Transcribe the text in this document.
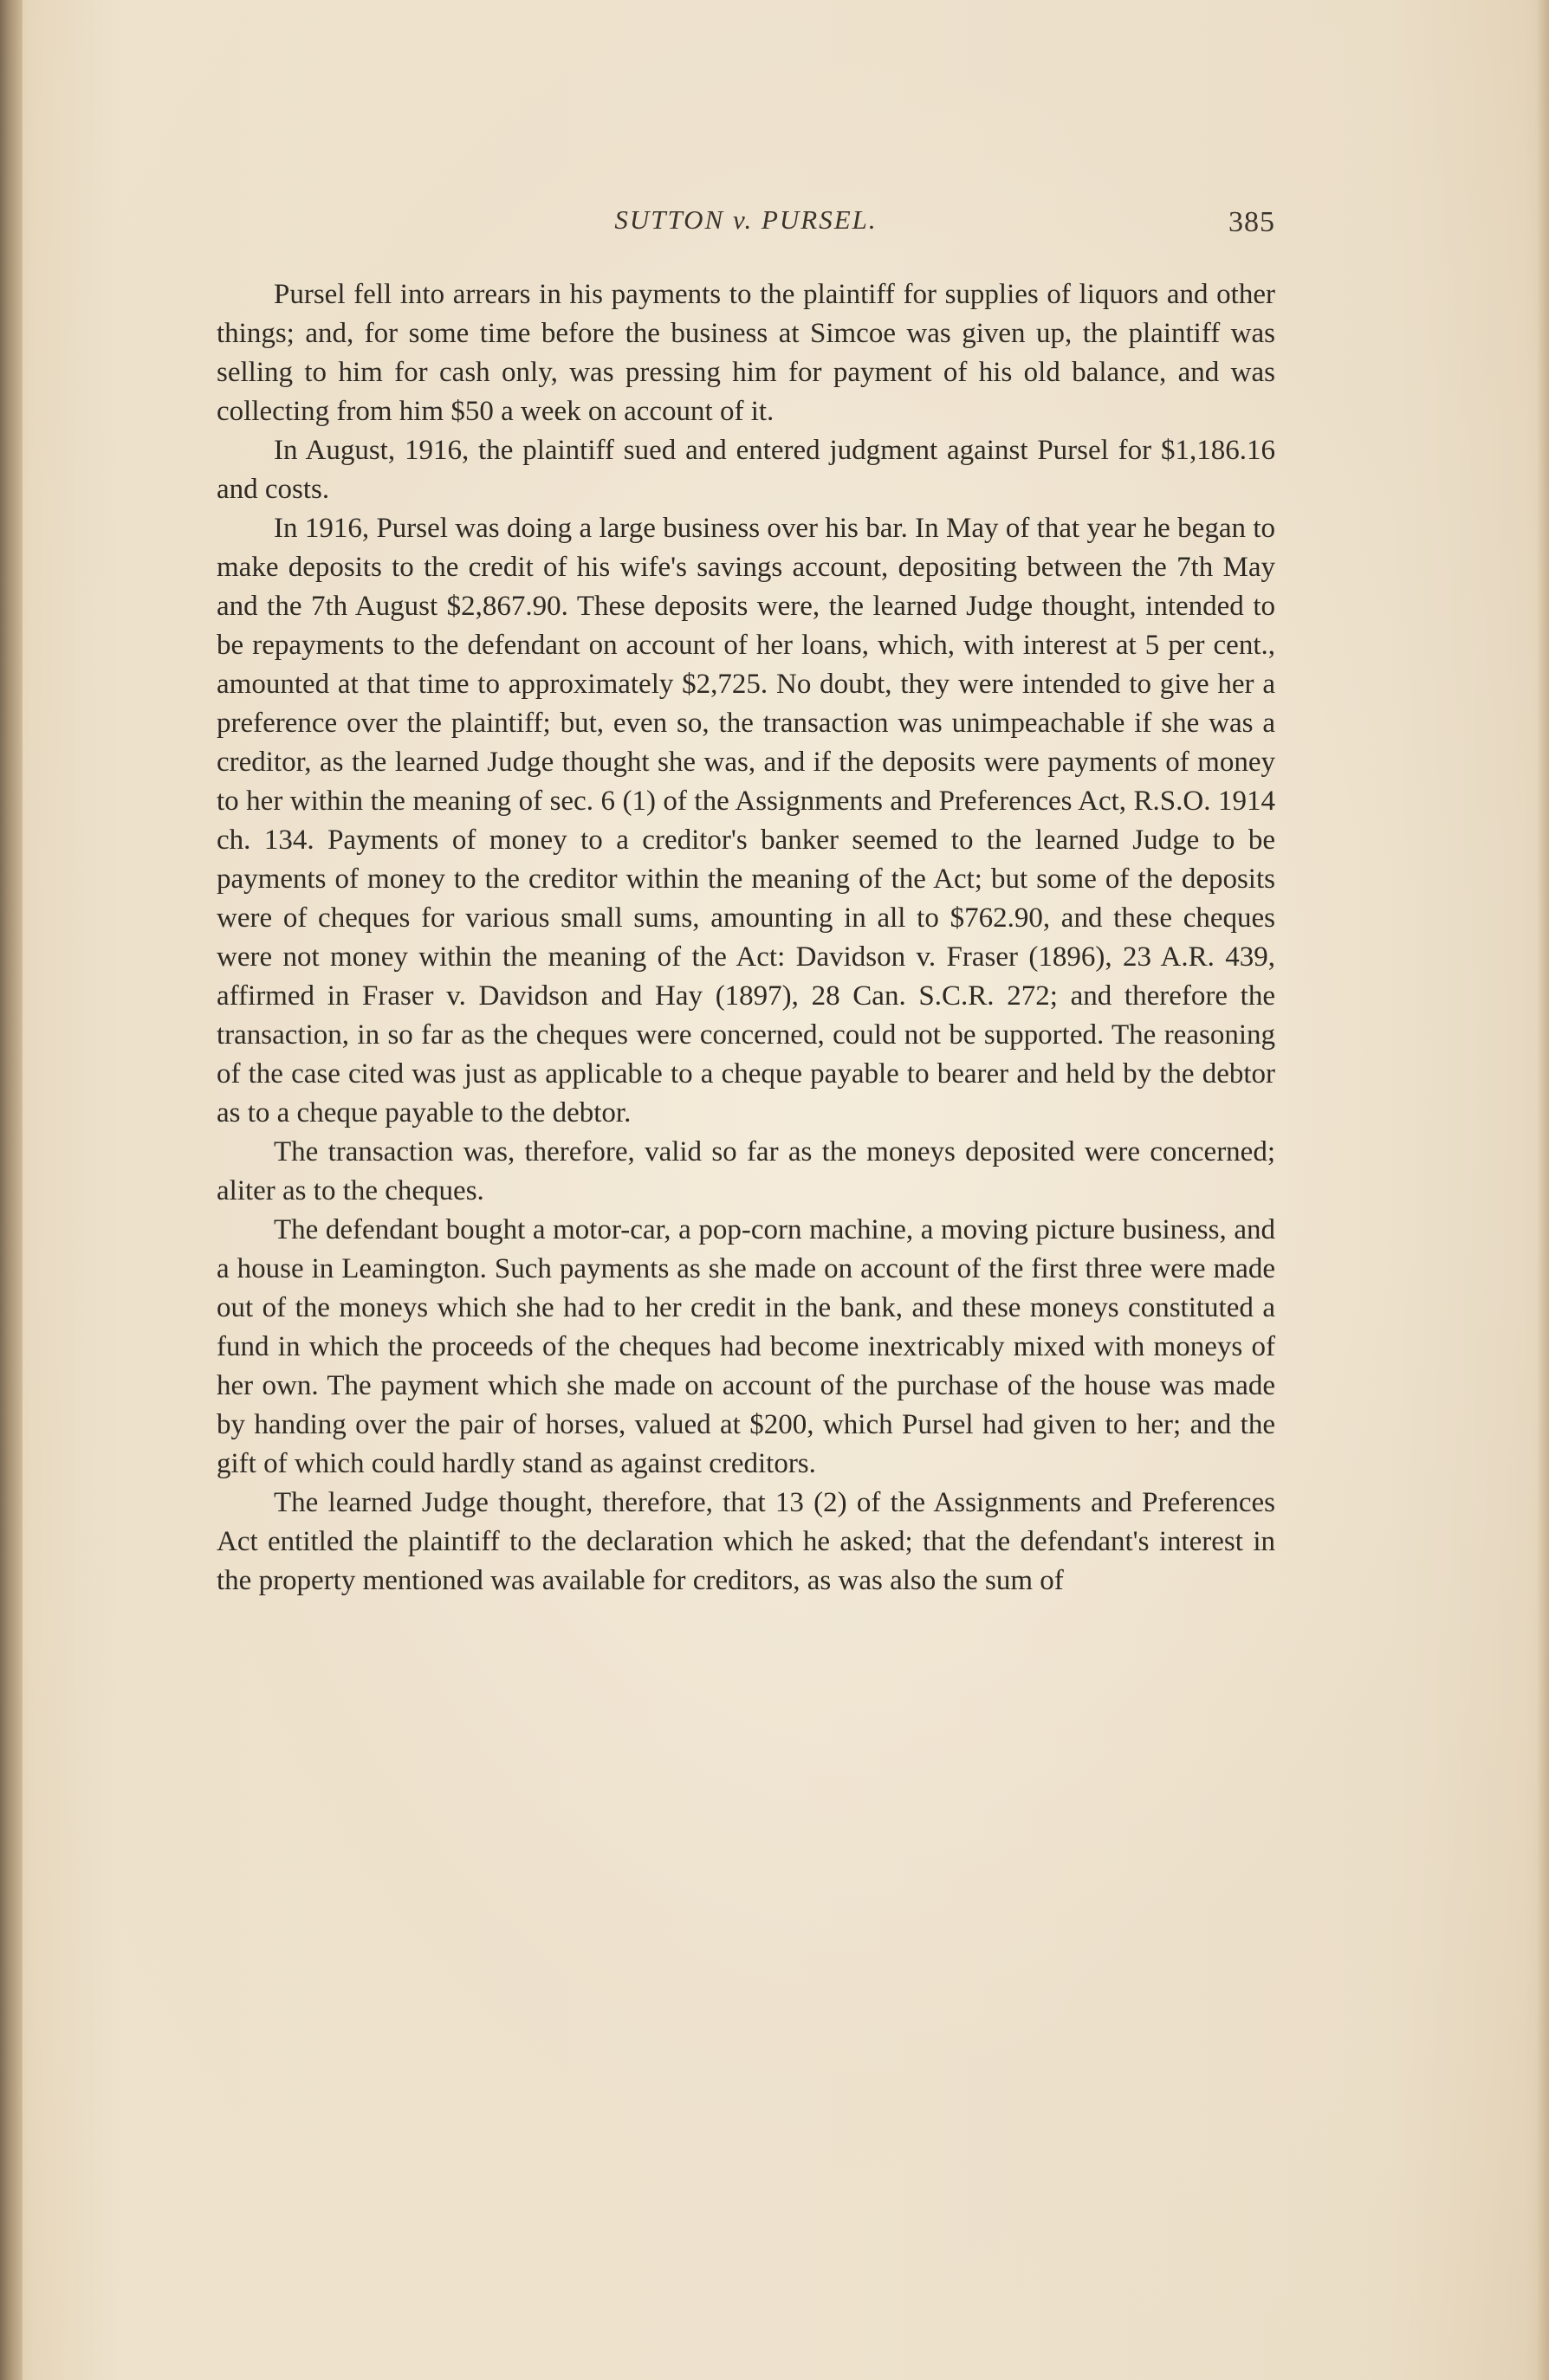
SUTTON v. PURSEL.	385

Pursel fell into arrears in his payments to the plaintiff for supplies of liquors and other things; and, for some time before the business at Simcoe was given up, the plaintiff was selling to him for cash only, was pressing him for payment of his old balance, and was collecting from him $50 a week on account of it.

In August, 1916, the plaintiff sued and entered judgment against Pursel for $1,186.16 and costs.

In 1916, Pursel was doing a large business over his bar. In May of that year he began to make deposits to the credit of his wife's savings account, depositing between the 7th May and the 7th August $2,867.90. These deposits were, the learned Judge thought, intended to be repayments to the defendant on account of her loans, which, with interest at 5 per cent., amounted at that time to approximately $2,725. No doubt, they were intended to give her a preference over the plaintiff; but, even so, the transaction was unimpeachable if she was a creditor, as the learned Judge thought she was, and if the deposits were payments of money to her within the meaning of sec. 6 (1) of the Assignments and Preferences Act, R.S.O. 1914 ch. 134. Payments of money to a creditor's banker seemed to the learned Judge to be payments of money to the creditor within the meaning of the Act; but some of the deposits were of cheques for various small sums, amounting in all to $762.90, and these cheques were not money within the meaning of the Act: Davidson v. Fraser (1896), 23 A.R. 439, affirmed in Fraser v. Davidson and Hay (1897), 28 Can. S.C.R. 272; and therefore the transaction, in so far as the cheques were concerned, could not be supported. The reasoning of the case cited was just as applicable to a cheque payable to bearer and held by the debtor as to a cheque payable to the debtor.

The transaction was, therefore, valid so far as the moneys deposited were concerned; aliter as to the cheques.

The defendant bought a motor-car, a pop-corn machine, a moving picture business, and a house in Leamington. Such payments as she made on account of the first three were made out of the moneys which she had to her credit in the bank, and these moneys constituted a fund in which the proceeds of the cheques had become inextricably mixed with moneys of her own. The payment which she made on account of the purchase of the house was made by handing over the pair of horses, valued at $200, which Pursel had given to her; and the gift of which could hardly stand as against creditors.

The learned Judge thought, therefore, that 13 (2) of the Assignments and Preferences Act entitled the plaintiff to the declaration which he asked; that the defendant's interest in the property mentioned was available for creditors, as was also the sum of
